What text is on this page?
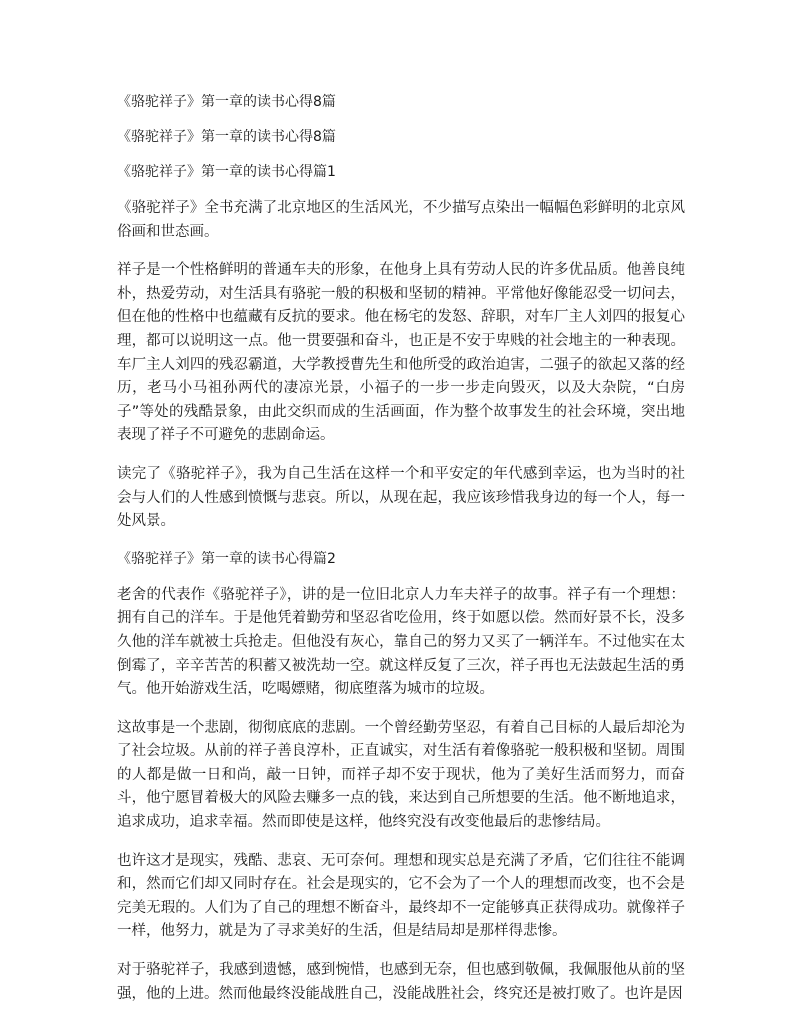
《骆驼祥子》第一章的读书心得8篇
《骆驼祥子》第一章的读书心得8篇
《骆驼祥子》第一章的读书心得篇1

《骆驼祥子》全书充满了北京地区的生活风光，不少描写点染出一幅幅色彩鲜明的北京风俗画和世态画。

祥子是一个性格鲜明的普通车夫的形象，在他身上具有劳动人民的许多优品质。他善良纯朴，热爱劳动，对生活具有骆驼一般的积极和坚韧的精神。平常他好像能忍受一切问去，但在他的性格中也蕴藏有反抗的要求。他在杨宅的发怒、辞职，对车厂主人刘四的报复心理，都可以说明这一点。他一贯要强和奋斗，也正是不安于卑贱的社会地主的一种表现。车厂主人刘四的残忍霸道，大学教授曹先生和他所受的政治迫害，二强子的欲起又落的经历，老马小马祖孙两代的凄凉光景，小福子的一步一步走向毁灭，以及大杂院，“白房子”等处的残酷景象，由此交织而成的生活画面，作为整个故事发生的社会环境，突出地表现了祥子不可避免的悲剧命运。

读完了《骆驼祥子》，我为自己生活在这样一个和平安定的年代感到幸运，也为当时的社会与人们的人性感到愤慨与悲哀。所以，从现在起，我应该珍惜我身边的每一个人，每一处风景。

《骆驼祥子》第一章的读书心得篇2

老舍的代表作《骆驼祥子》，讲的是一位旧北京人力车夫祥子的故事。祥子有一个理想：拥有自己的洋车。于是他凭着勤劳和坚忍省吃俭用，终于如愿以偿。然而好景不长，没多久他的洋车就被士兵抢走。但他没有灰心，靠自己的努力又买了一辆洋车。不过他实在太倒霉了，辛辛苦苦的积蓄又被洗劫一空。就这样反复了三次，祥子再也无法鼓起生活的勇气。他开始游戏生活，吃喝嫖赌，彻底堕落为城市的垃圾。

这故事是一个悲剧，彻彻底底的悲剧。一个曾经勤劳坚忍，有着自己目标的人最后却沦为了社会垃圾。从前的祥子善良淳朴，正直诚实，对生活有着像骆驼一般积极和坚韧。周围的人都是做一日和尚，敲一日钟，而祥子却不安于现状，他为了美好生活而努力，而奋斗，他宁愿冒着极大的风险去赚多一点的钱，来达到自己所想要的生活。他不断地追求，追求成功，追求幸福。然而即使是这样，他终究没有改变他最后的悲惨结局。

也许这才是现实，残酷、悲哀、无可奈何。理想和现实总是充满了矛盾，它们往往不能调和，然而它们却又同时存在。社会是现实的，它不会为了一个人的理想而改变，也不会是完美无瑕的。人们为了自己的理想不断奋斗，最终却不一定能够真正获得成功。就像祥子一样，他努力，就是为了寻求美好的生活，但是结局却是那样得悲惨。

对于骆驼祥子，我感到遗憾，感到惋惜，也感到无奈，但也感到敬佩，我佩服他从前的坚强，他的上进。然而他最终没能战胜自己，没能战胜社会，终究还是被打败了。也许是因
